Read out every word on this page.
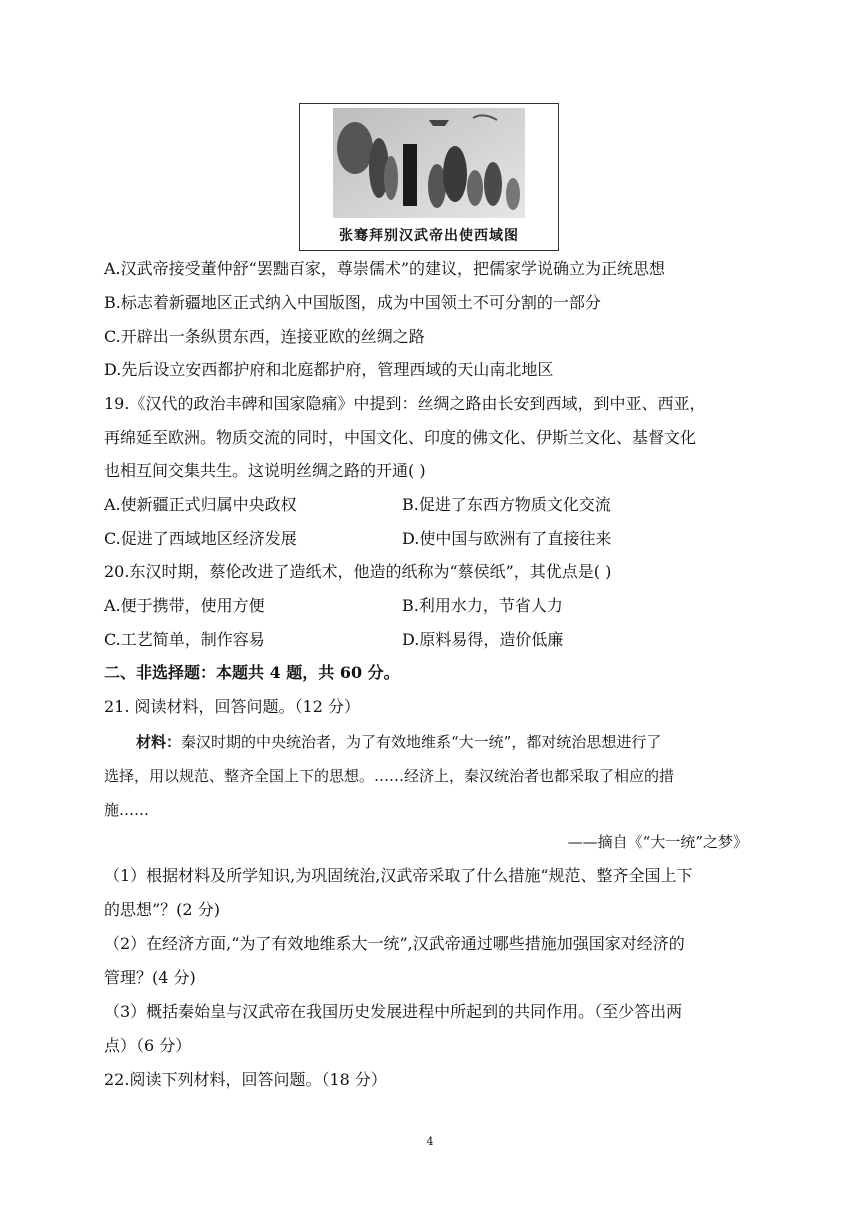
张骞拜别汉武帝出使西域图
A.汉武帝接受董仲舒“罢黜百家，尊崇儒术”的建议，把儒家学说确立为正统思想
B.标志着新疆地区正式纳入中国版图，成为中国领土不可分割的一部分
C.开辟出一条纵贯东西，连接亚欧的丝绸之路
D.先后设立安西都护府和北庭都护府，管理西域的天山南北地区
19.《汉代的政治丰碑和国家隐痛》中提到：丝绸之路由长安到西域，到中亚、西亚，
再绵延至欧洲。物质交流的同时，中国文化、印度的佛文化、伊斯兰文化、基督文化
也相互间交集共生。这说明丝绸之路的开通( )
A.使新疆正式归属中央政权	B.促进了东西方物质文化交流
C.促进了西域地区经济发展	D.使中国与欧洲有了直接往来
20.东汉时期，蔡伦改进了造纸术，他造的纸称为“蔡侯纸”，其优点是( )
A.便于携带，使用方便	B.利用水力，节省人力
C.工艺简单，制作容易	D.原料易得，造价低廉
二、非选择题：本题共 4 题，共 60 分。
21. 阅读材料，回答问题。（12 分）
材料：秦汉时期的中央统治者，为了有效地维系“大一统”，都对统治思想进行了
选择，用以规范、整齐全国上下的思想。……经济上，秦汉统治者也都采取了相应的措
施……
——摘自《“大一统”之梦》
（1）根据材料及所学知识,为巩固统治,汉武帝采取了什么措施“规范、整齐全国上下
的思想”？(2 分)
（2）在经济方面,“为了有效地维系大一统”,汉武帝通过哪些措施加强国家对经济的
管理？(4 分)
（3）概括秦始皇与汉武帝在我国历史发展进程中所起到的共同作用。（至少答出两
点）（6 分）
22.阅读下列材料，回答问题。（18 分）
4
